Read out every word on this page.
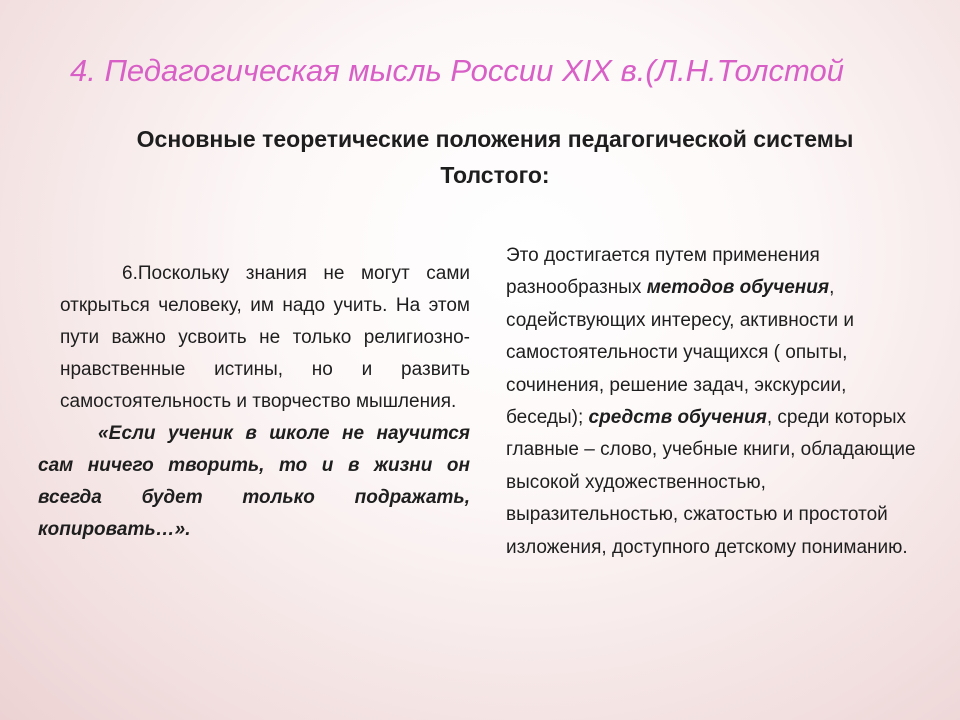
4. Педагогическая мысль России XIX в.(Л.Н.Толстой
Основные теоретические положения педагогической системы Толстого:

6.Поскольку знания не могут сами открыться человеку, им надо учить. На этом пути важно усвоить не только религиозно-нравственные истины, но и развить самостоятельность и творчество мышления.

«Если ученик в школе не научится сам ничего творить, то и в жизни он всегда будет только подражать, копировать…».

Это достигается путем применения разнообразных методов обучения, содействующих интересу, активности и самостоятельности учащихся ( опыты, сочинения, решение задач, экскурсии, беседы); средств обучения, среди которых главные – слово, учебные книги, обладающие высокой художественностью, выразительностью, сжатостью и простотой изложения, доступного детскому пониманию.
